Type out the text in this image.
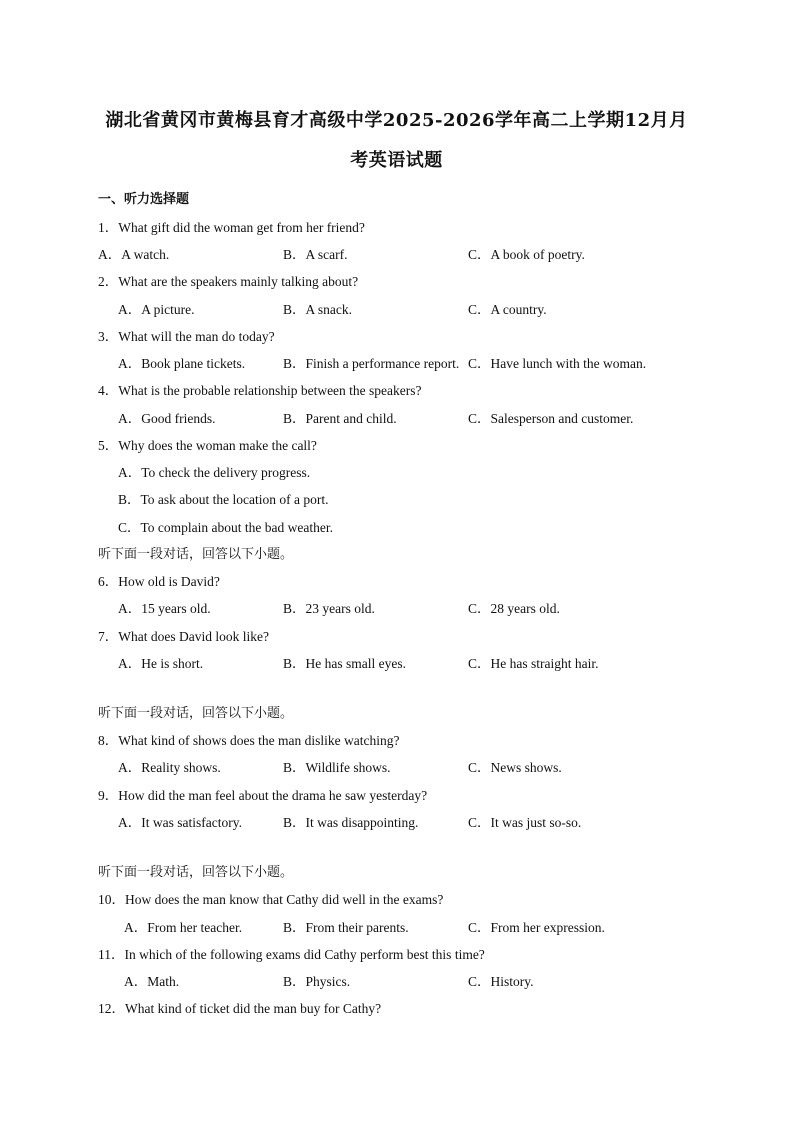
湖北省黄冈市黄梅县育才高级中学2025-2026学年高二上学期12月月
考英语试题
一、听力选择题
1．What gift did the woman get from her friend?
A．A watch.	B．A scarf.	C．A book of poetry.
2．What are the speakers mainly talking about?
A．A picture.	B．A snack.	C．A country.
3．What will the man do today?
A．Book plane tickets.	B．Finish a performance report. C．Have lunch with the woman.
4．What is the probable relationship between the speakers?
A．Good friends.	B．Parent and child.	C．Salesperson and customer.
5．Why does the woman make the call?
A．To check the delivery progress.
B．To ask about the location of a port.
C．To complain about the bad weather.
听下面一段对话，回答以下小题。
6．How old is David?
A．15 years old.	B．23 years old.	C．28 years old.
7．What does David look like?
A．He is short.	B．He has small eyes.	C．He has straight hair.
听下面一段对话，回答以下小题。
8．What kind of shows does the man dislike watching?
A．Reality shows.	B．Wildlife shows.	C．News shows.
9．How did the man feel about the drama he saw yesterday?
A．It was satisfactory.	B．It was disappointing.	C．It was just so-so.
听下面一段对话，回答以下小题。
10．How does the man know that Cathy did well in the exams?
A．From her teacher.	B．From their parents.	C．From her expression.
11．In which of the following exams did Cathy perform best this time?
A．Math.	B．Physics.	C．History.
12．What kind of ticket did the man buy for Cathy?
